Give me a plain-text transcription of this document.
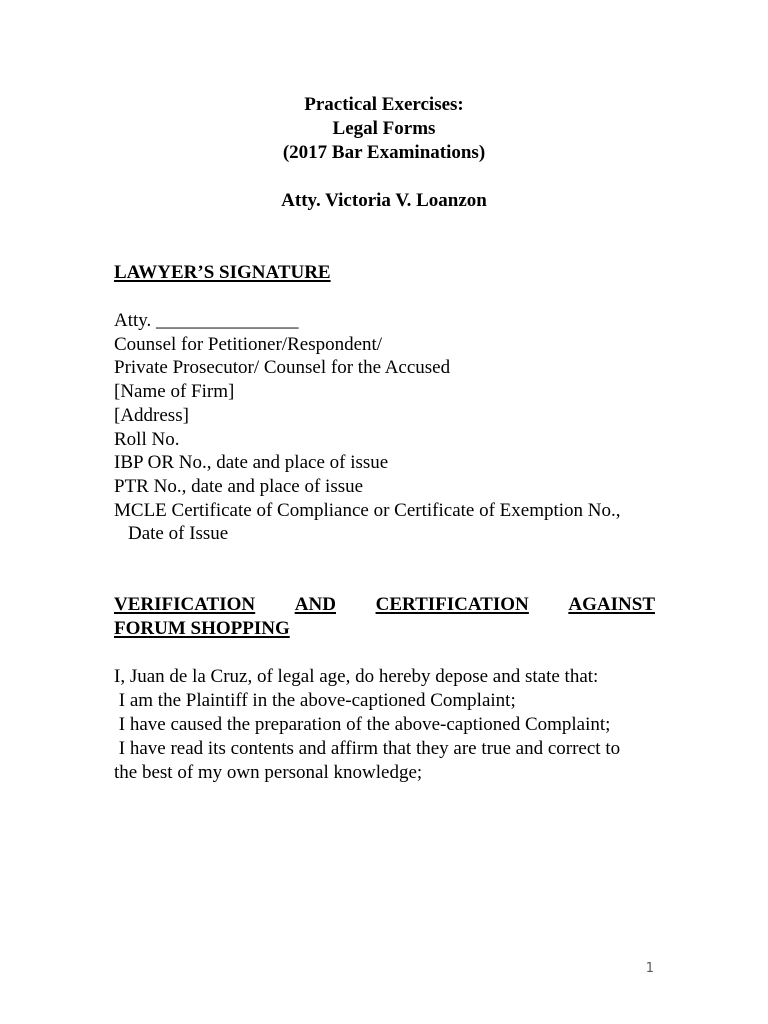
Practical Exercises:
Legal Forms
(2017 Bar Examinations)
Atty. Victoria V. Loanzon
LAWYER’S SIGNATURE
Atty. _______________
Counsel for Petitioner/Respondent/
Private Prosecutor/ Counsel for the Accused
[Name of Firm]
[Address]
Roll No.
IBP OR No., date and place of issue
PTR No., date and place of issue
MCLE Certificate of Compliance or Certificate of Exemption No.,
Date of Issue
VERIFICATION AND CERTIFICATION AGAINST
FORUM SHOPPING
I, Juan de la Cruz, of legal age, do hereby depose and state that:
I am the Plaintiff in the above-captioned Complaint;
I have caused the preparation of the above-captioned Complaint;
I have read its contents and affirm that they are true and correct to
the best of my own personal knowledge;
1
